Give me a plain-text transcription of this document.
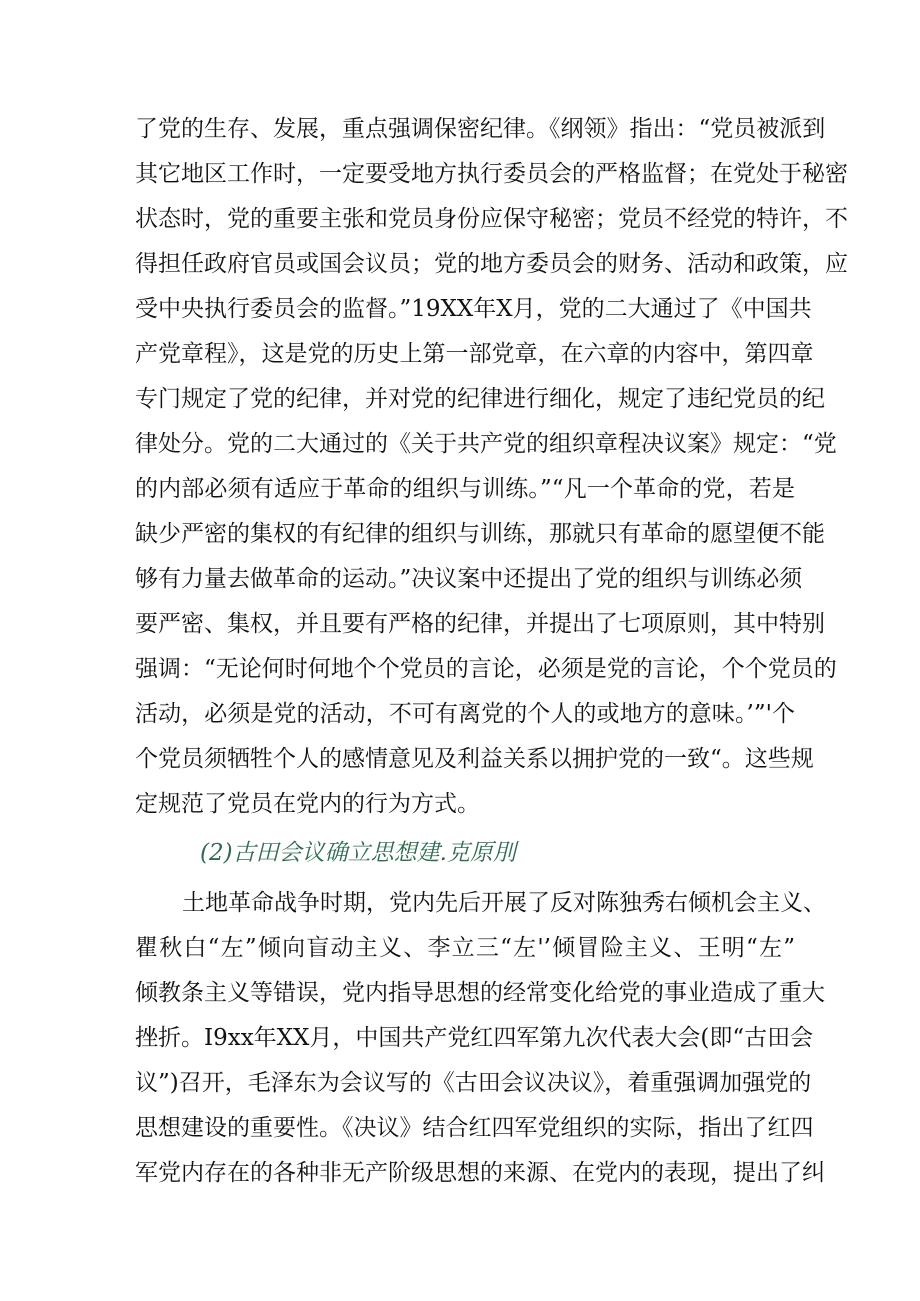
了党的生存、发展，重点强调保密纪律。《纲领》指出：“党员被派到
其它地区工作时，一定要受地方执行委员会的严格监督；在党处于秘密
状态时，党的重要主张和党员身份应保守秘密；党员不经党的特许，不
得担任政府官员或国会议员；党的地方委员会的财务、活动和政策，应
受中央执行委员会的监督。”19XX年X月，党的二大通过了《中国共
产党章程》，这是党的历史上第一部党章，在六章的内容中，第四章
专门规定了党的纪律，并对党的纪律进行细化，规定了违纪党员的纪
律处分。党的二大通过的《关于共产党的组织章程决议案》规定：“党
的内部必须有适应于革命的组织与训练。”“凡一个革命的党，若是
缺少严密的集权的有纪律的组织与训练，那就只有革命的愿望便不能
够有力量去做革命的运动。”决议案中还提出了党的组织与训练必须
要严密、集权，并且要有严格的纪律，并提出了七项原则，其中特别
强调：“无论何时何地个个党员的言论，必须是党的言论，个个党员的
活动，必须是党的活动，不可有离党的个人的或地方的意味。’”'个
个党员须牺牲个人的感情意见及利益关系以拥护党的一致“。这些规
定规范了党员在党内的行为方式。
(2)古田会议确立思想建.克原刖
土地革命战争时期，党内先后开展了反对陈独秀右倾机会主义、
瞿秋白“左”倾向盲动主义、李立三“左'’倾冒险主义、王明“左”
倾教条主义等错误，党内指导思想的经常变化给党的事业造成了重大
挫折。I9xx年XX月，中国共产党红四军第九次代表大会(即“古田会
议”)召开，毛泽东为会议写的《古田会议决议》，着重强调加强党的
思想建设的重要性。《决议》结合红四军党组织的实际，指出了红四
军党内存在的各种非无产阶级思想的来源、在党内的表现，提出了纠
